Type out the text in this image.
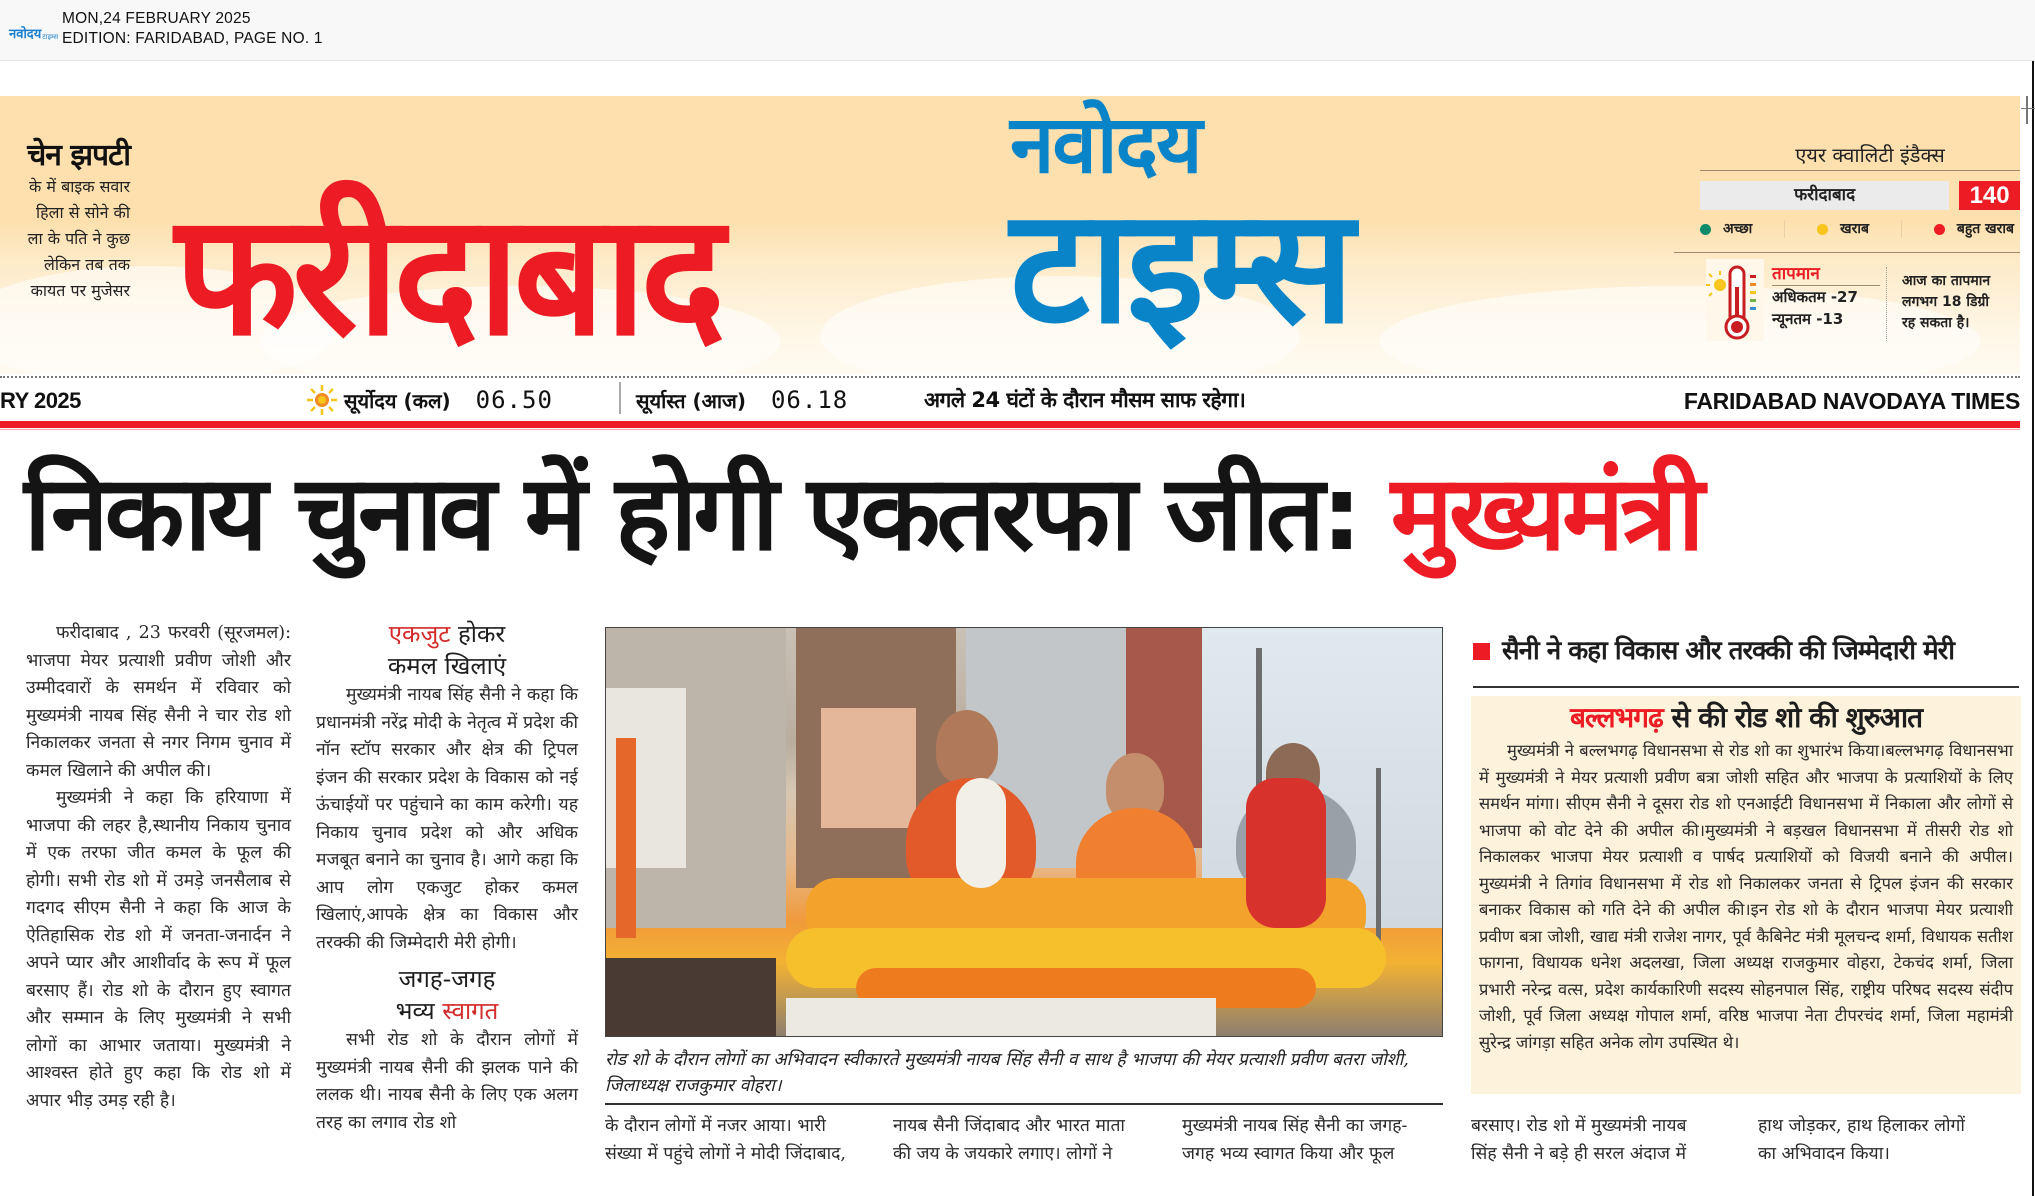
नवोदय टाइम्स
MON,24 FEBRUARY 2025
EDITION: FARIDABAD, PAGE NO. 1
चेन झपटी
के में बाइक सवार
हिला से सोने की
ला के पति ने कुछ
लेकिन तब तक
कायत पर मुजेसर फरीदाबाद
नवोदय
टाइम्स
एयर क्वालिटी इंडैक्स
फरीदाबाद	140
अच्छा	खराब	बहुत खराब
तापमान
अधिकतम -27
न्यूनतम -13
आज का तापमान
लगभग 18 डिग्री
रह सकता है।
RY 2025	सूर्योदय (कल) 06.50	सूर्यास्त (आज) 06.18	अगले 24 घंटों के दौरान मौसम साफ रहेगा।	FARIDABAD NAVODAYA TIMES
निकाय चुनाव में होगी एकतरफा जीत: मुख्यमंत्री

फरीदाबाद , 23 फरवरी (सूरजमल): भाजपा मेयर प्रत्याशी प्रवीण जोशी और उम्मीदवारों के समर्थन में रविवार को मुख्यमंत्री नायब सिंह सैनी ने चार रोड शो निकालकर जनता से नगर निगम चुनाव में कमल खिलाने की अपील की।

मुख्यमंत्री ने कहा कि हरियाणा में भाजपा की लहर है,स्थानीय निकाय चुनाव में एक तरफा जीत कमल के फूल की होगी। सभी रोड शो में उमड़े जनसैलाब से गदगद सीएम सैनी ने कहा कि आज के ऐतिहासिक रोड शो में जनता-जनार्दन ने अपने प्यार और आशीर्वाद के रूप में फूल बरसाए हैं। रोड शो के दौरान हुए स्वागत और सम्मान के लिए मुख्यमंत्री ने सभी लोगों का आभार जताया। मुख्यमंत्री ने आश्वस्त होते हुए कहा कि रोड शो में अपार भीड़ उमड़ रही है।

एकजुट होकर
कमल खिलाएं

मुख्यमंत्री नायब सिंह सैनी ने कहा कि प्रधानमंत्री नरेंद्र मोदी के नेतृत्व में प्रदेश की नॉन स्टॉप सरकार और क्षेत्र की ट्रिपल इंजन की सरकार प्रदेश के विकास को नई ऊंचाईयों पर पहुंचाने का काम करेगी। यह निकाय चुनाव प्रदेश को और अधिक मजबूत बनाने का चुनाव है। आगे कहा कि आप लोग एकजुट होकर कमल खिलाएं,आपके क्षेत्र का विकास और तरक्की की जिम्मेदारी मेरी होगी।

जगह-जगह
भव्य स्वागत

सभी रोड शो के दौरान लोगों में मुख्यमंत्री नायब सैनी की झलक पाने की ललक थी। नायब सैनी के लिए एक अलग तरह का लगाव रोड शो

रोड शो के दौरान लोगों का अभिवादन स्वीकारते मुख्यमंत्री नायब सिंह सैनी व साथ है भाजपा की मेयर प्रत्याशी प्रवीण बतरा जोशी, जिलाध्यक्ष राजकुमार वोहरा।
के दौरान लोगों में नजर आया। भारी
संख्या में पहुंचे लोगों ने मोदी जिंदाबाद,
नायब सैनी जिंदाबाद और भारत माता
की जय के जयकारे लगाए। लोगों ने
मुख्यमंत्री नायब सिंह सैनी का जगह-
जगह भव्य स्वागत किया और फूल
सैनी ने कहा विकास और तरक्की की जिम्मेदारी मेरी
बल्लभगढ़ से की रोड शो की शुरुआत
मुख्यमंत्री ने बल्लभगढ़ विधानसभा से रोड शो का शुभारंभ किया।बल्लभगढ़ विधानसभा में मुख्यमंत्री ने मेयर प्रत्याशी प्रवीण बत्रा जोशी सहित और भाजपा के प्रत्याशियों के लिए समर्थन मांगा। सीएम सैनी ने दूसरा रोड शो एनआईटी विधानसभा में निकाला और लोगों से भाजपा को वोट देने की अपील की।मुख्यमंत्री ने बड़खल विधानसभा में तीसरी रोड शो निकालकर भाजपा मेयर प्रत्याशी व पार्षद प्रत्याशियों को विजयी बनाने की अपील। मुख्यमंत्री ने तिगांव विधानसभा में रोड शो निकालकर जनता से ट्रिपल इंजन की सरकार बनाकर विकास को गति देने की अपील की।इन रोड शो के दौरान भाजपा मेयर प्रत्याशी प्रवीण बत्रा जोशी, खाद्य मंत्री राजेश नागर, पूर्व कैबिनेट मंत्री मूलचन्द शर्मा, विधायक सतीश फागना, विधायक धनेश अदलखा, जिला अध्यक्ष राजकुमार वोहरा, टेकचंद शर्मा, जिला प्रभारी नरेन्द्र वत्स, प्रदेश कार्यकारिणी सदस्य सोहनपाल सिंह, राष्ट्रीय परिषद सदस्य संदीप जोशी, पूर्व जिला अध्यक्ष गोपाल शर्मा, वरिष्ठ भाजपा नेता टीपरचंद शर्मा, जिला महामंत्री सुरेन्द्र जांगड़ा सहित अनेक लोग उपस्थित थे।
बरसाए। रोड शो में मुख्यमंत्री नायब
सिंह सैनी ने बड़े ही सरल अंदाज में
हाथ जोड़कर, हाथ हिलाकर लोगों
का अभिवादन किया।
